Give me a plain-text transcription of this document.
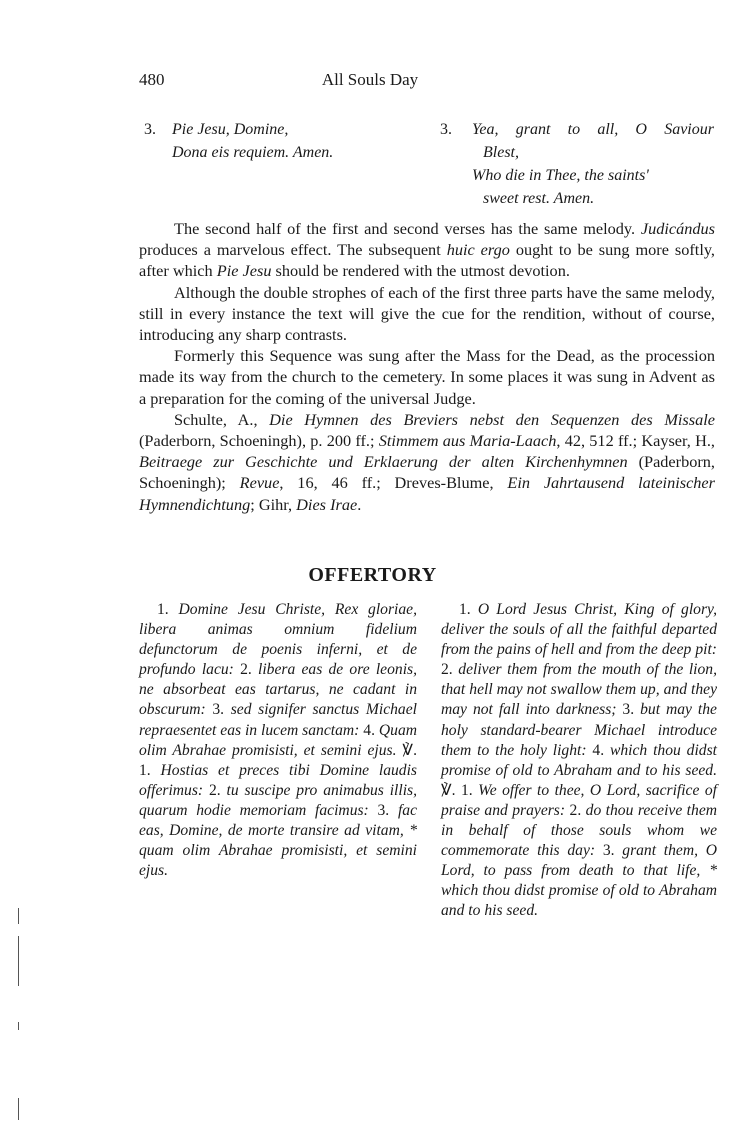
480	All Souls Day
3.	Pie Jesu, Domine,
Dona eis requiem. Amen.
3. Yea, grant to all, O Saviour
Blest,
Who die in Thee, the saints'
sweet rest. Amen.

The second half of the first and second verses has the same melody. Judicándus produces a marvelous effect. The subsequent huic ergo ought to be sung more softly, after which Pie Jesu should be rendered with the utmost devotion.

Although the double strophes of each of the first three parts have the same melody, still in every instance the text will give the cue for the rendition, without of course, introducing any sharp contrasts.

Formerly this Sequence was sung after the Mass for the Dead, as the procession made its way from the church to the cemetery. In some places it was sung in Advent as a preparation for the coming of the universal Judge.

Schulte, A., Die Hymnen des Breviers nebst den Sequenzen des Missale (Paderborn, Schoeningh), p. 200 ff.; Stimmem aus Maria-Laach, 42, 512 ff.; Kayser, H., Beitraege zur Geschichte und Erklaerung der alten Kirchenhymnen (Paderborn, Schoeningh); Revue, 16, 46 ff.; Dreves-Blume, Ein Jahrtausend lateinischer Hymnendichtung; Gihr, Dies Irae.

OFFERTORY
1. Domine Jesu Christe, Rex gloriae, libera animas omnium fidelium defunctorum de poenis inferni, et de profundo lacu: 2. libera eas de ore leonis, ne absorbeat eas tartarus, ne cadant in obscurum: 3. sed signifer sanctus Michael repraesentet eas in lucem sanctam: 4. Quam olim Abrahae promisisti, et semini ejus. ℣. 1. Hostias et preces tibi Domine laudis offerimus: 2. tu suscipe pro animabus illis, quarum hodie memoriam facimus: 3. fac eas, Domine, de morte transire ad vitam, * quam olim Abrahae promisisti, et semini ejus.
1. O Lord Jesus Christ, King of glory, deliver the souls of all the faithful departed from the pains of hell and from the deep pit: 2. deliver them from the mouth of the lion, that hell may not swallow them up, and they may not fall into darkness; 3. but may the holy standard-bearer Michael introduce them to the holy light: 4. which thou didst promise of old to Abraham and to his seed. ℣. 1. We offer to thee, O Lord, sacrifice of praise and prayers: 2. do thou receive them in behalf of those souls whom we commemorate this day: 3. grant them, O Lord, to pass from death to that life, * which thou didst promise of old to Abraham and to his seed.
